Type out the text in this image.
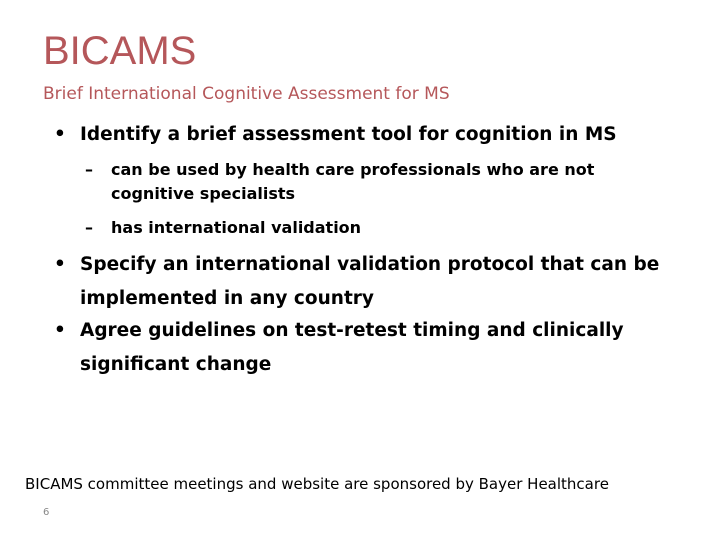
BICAMS

Brief International Cognitive Assessment for MS

• Identify a brief assessment tool for cognition in MS
– can be used by health care professionals who are not cognitive specialists
– has international validation
• Specify an international validation protocol that can be implemented in any country
• Agree guidelines on test-retest timing and clinically significant change

BICAMS committee meetings and website are sponsored by Bayer Healthcare

6
